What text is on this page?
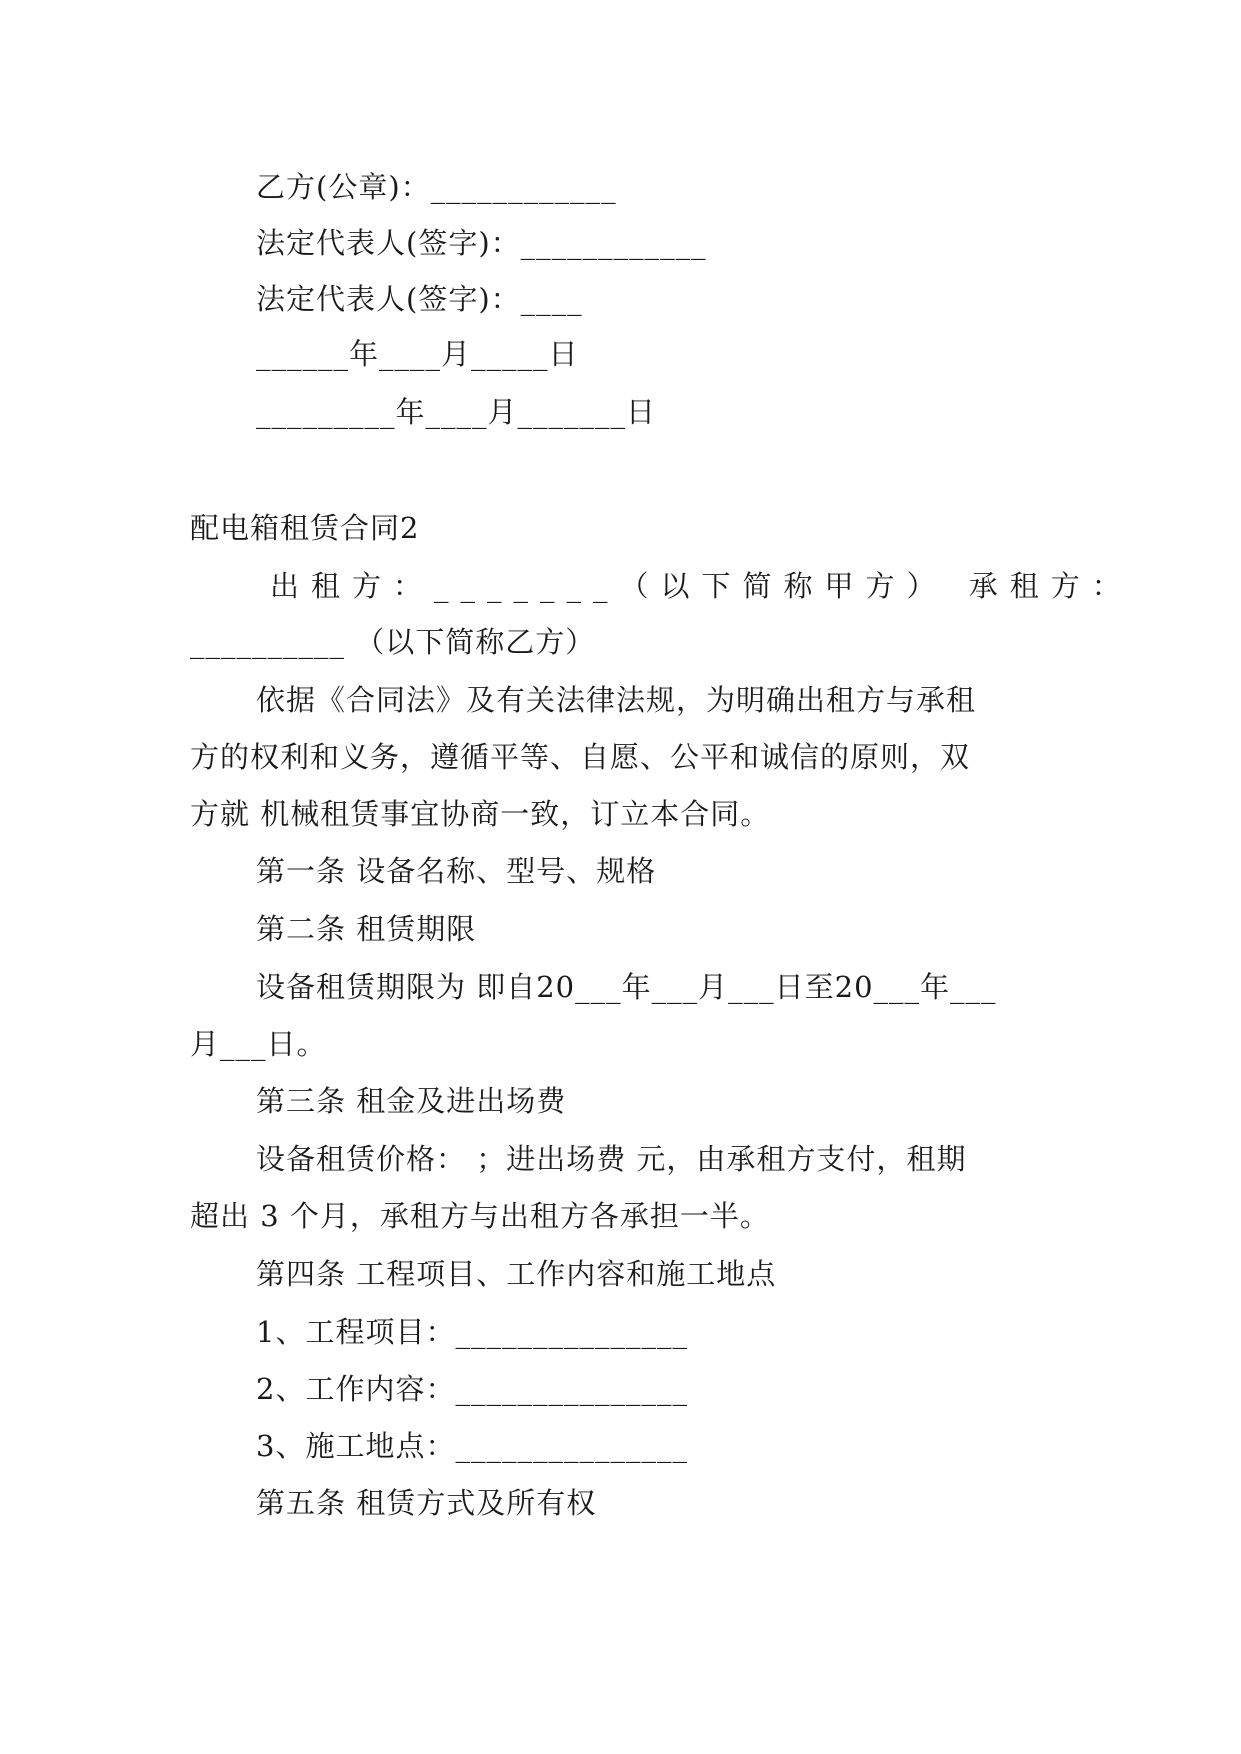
乙方(公章)：____________
法定代表人(签字)：____________
法定代表人(签字)：____
______年____月_____日
_________年____月_______日
配电箱租赁合同2
出租方：_______（以下简称甲方） 承租方：
__________ （以下简称乙方）
依据《合同法》及有关法律法规，为明确出租方与承租
方的权利和义务，遵循平等、自愿、公平和诚信的原则，双
方就 机械租赁事宜协商一致，订立本合同。
第一条 设备名称、型号、规格
第二条 租赁期限
设备租赁期限为 即自20___年___月___日至20___年___
月___日。
第三条 租金及进出场费
设备租赁价格： ；进出场费 元，由承租方支付，租期
超出 3 个月，承租方与出租方各承担一半。
第四条 工程项目、工作内容和施工地点
1、工程项目：_______________
2、工作内容：_______________
3、施工地点：_______________
第五条 租赁方式及所有权
